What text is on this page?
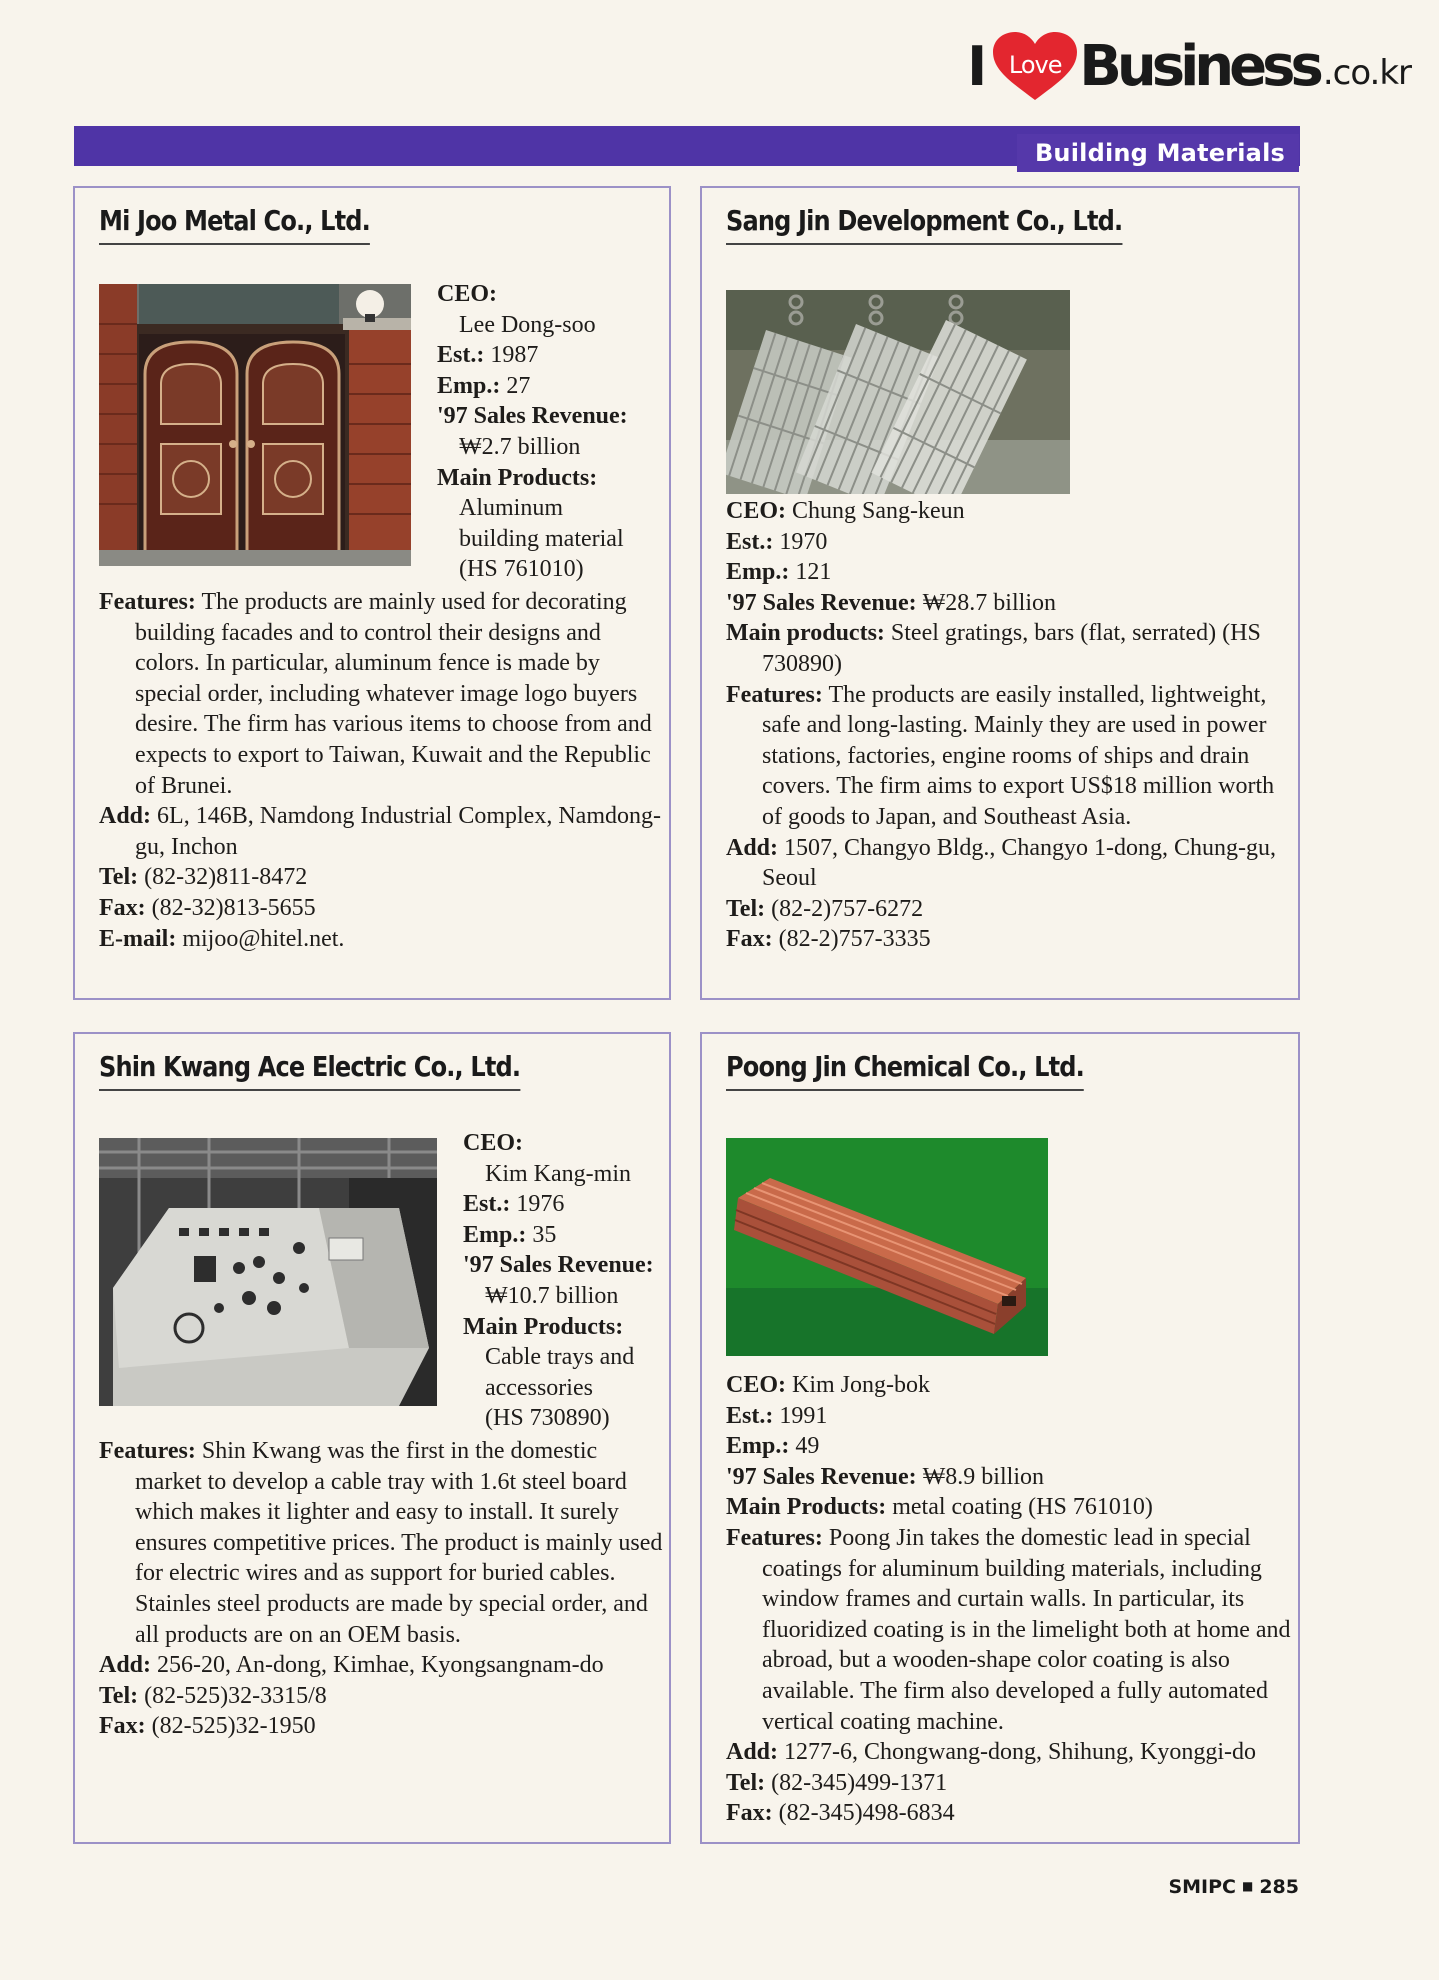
I Love Business .co.kr
Building Materials
Mi Joo Metal Co., Ltd.
CEO:
Lee Dong-soo
Est.: 1987
Emp.: 27
'97 Sales Revenue:
₩2.7 billion
Main Products:
Aluminum
building material
(HS 761010)
Features: The products are mainly used for decorating building facades and to control their designs and colors. In particular, aluminum fence is made by special order, including whatever image logo buyers desire. The firm has various items to choose from and expects to export to Taiwan, Kuwait and the Republic of Brunei.
Add: 6L, 146B, Namdong Industrial Complex, Namdong-gu, Inchon
Tel: (82-32)811-8472
Fax: (82-32)813-5655
E-mail: mijoo@hitel.net.
Sang Jin Development Co., Ltd.
CEO: Chung Sang-keun
Est.: 1970
Emp.: 121
'97 Sales Revenue: ₩28.7 billion
Main products: Steel gratings, bars (flat, serrated) (HS 730890)
Features: The products are easily installed, lightweight, safe and long-lasting. Mainly they are used in power stations, factories, engine rooms of ships and drain covers. The firm aims to export US$18 million worth of goods to Japan, and Southeast Asia.
Add: 1507, Changyo Bldg., Changyo 1-dong, Chung-gu, Seoul
Tel: (82-2)757-6272
Fax: (82-2)757-3335
Shin Kwang Ace Electric Co., Ltd.
CEO:
Kim Kang-min
Est.: 1976
Emp.: 35
'97 Sales Revenue:
₩10.7 billion
Main Products:
Cable trays and
accessories
(HS 730890)
Features: Shin Kwang was the first in the domestic market to develop a cable tray with 1.6t steel board which makes it lighter and easy to install. It surely ensures competitive prices. The product is mainly used for electric wires and as support for buried cables. Stainles steel products are made by special order, and all products are on an OEM basis.
Add: 256-20, An-dong, Kimhae, Kyongsangnam-do
Tel: (82-525)32-3315/8
Fax: (82-525)32-1950
Poong Jin Chemical Co., Ltd.
CEO: Kim Jong-bok
Est.: 1991
Emp.: 49
'97 Sales Revenue: ₩8.9 billion
Main Products: metal coating (HS 761010)
Features: Poong Jin takes the domestic lead in special coatings for aluminum building materials, including window frames and curtain walls. In particular, its fluoridized coating is in the limelight both at home and abroad, but a wooden-shape color coating is also available. The firm also developed a fully automated vertical coating machine.
Add: 1277-6, Chongwang-dong, Shihung, Kyonggi-do
Tel: (82-345)499-1371
Fax: (82-345)498-6834
SMIPC ■ 285
